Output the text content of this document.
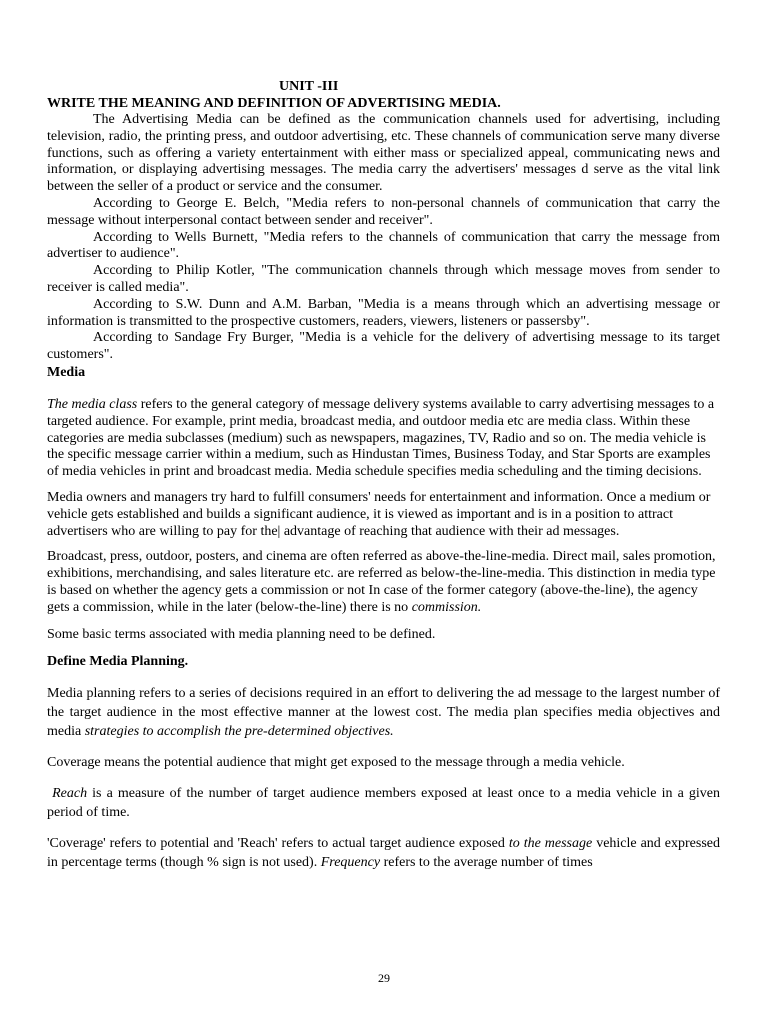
UNIT -III

WRITE THE MEANING AND DEFINITION OF ADVERTISING MEDIA.

The Advertising Media can be defined as the communication channels used for advertising, including television, radio, the printing press, and outdoor advertising, etc. These channels of communication serve many diverse functions, such as offering a variety entertainment with either mass or specialized appeal, communicating news and information, or displaying advertising messages. The media carry the advertisers' messages d serve as the vital link between the seller of a product or service and the consumer.

According to George E. Belch, "Media refers to non-personal channels of communication that carry the message without interpersonal contact between sender and receiver".

According to Wells Burnett, "Media refers to the channels of communication that carry the message from advertiser to audience".

According to Philip Kotler, "The communication channels through which message moves from sender to receiver is called media".

According to S.W. Dunn and A.M. Barban, "Media is a means through which an advertising message or information is transmitted to the prospective customers, readers, viewers, listeners or passersby".

According to Sandage Fry Burger, "Media is a vehicle for the delivery of advertising message to its target customers".

Media

The media class refers to the general category of message delivery systems available to carry advertising messages to a targeted audience. For example, print media, broadcast media, and outdoor media etc are media class. Within these categories are media subclasses (medium) such as newspapers, magazines, TV, Radio and so on. The media vehicle is the specific message carrier within a medium, such as Hindustan Times, Business Today, and Star Sports are examples of media vehicles in print and broadcast media. Media schedule specifies media scheduling and the timing decisions.

Media owners and managers try hard to fulfill consumers' needs for entertainment and information. Once a medium or vehicle gets established and builds a significant audience, it is viewed as important and is in a position to attract advertisers who are willing to pay for the| advantage of reaching that audience with their ad messages.

Broadcast, press, outdoor, posters, and cinema are often referred as above-the-line-media. Direct mail, sales promotion, exhibitions, merchandising, and sales literature etc. are referred as below-the-line-media. This distinction in media type is based on whether the agency gets a commission or not In case of the former category (above-the-line), the agency gets a commission, while in the later (below-the-line) there is no commission.

Some basic terms associated with media planning need to be defined.

Define Media Planning.

Media planning refers to a series of decisions required in an effort to delivering the ad message to the largest number of the target audience in the most effective manner at the lowest cost. The media plan specifies media objectives and media strategies to accomplish the pre-determined objectives.

Coverage means the potential audience that might get exposed to the message through a media vehicle.

Reach is a measure of the number of target audience members exposed at least once to a media vehicle in a given period of time.

'Coverage' refers to potential and 'Reach' refers to actual target audience exposed to the message vehicle and expressed in percentage terms (though % sign is not used). Frequency refers to the average number of times

29
